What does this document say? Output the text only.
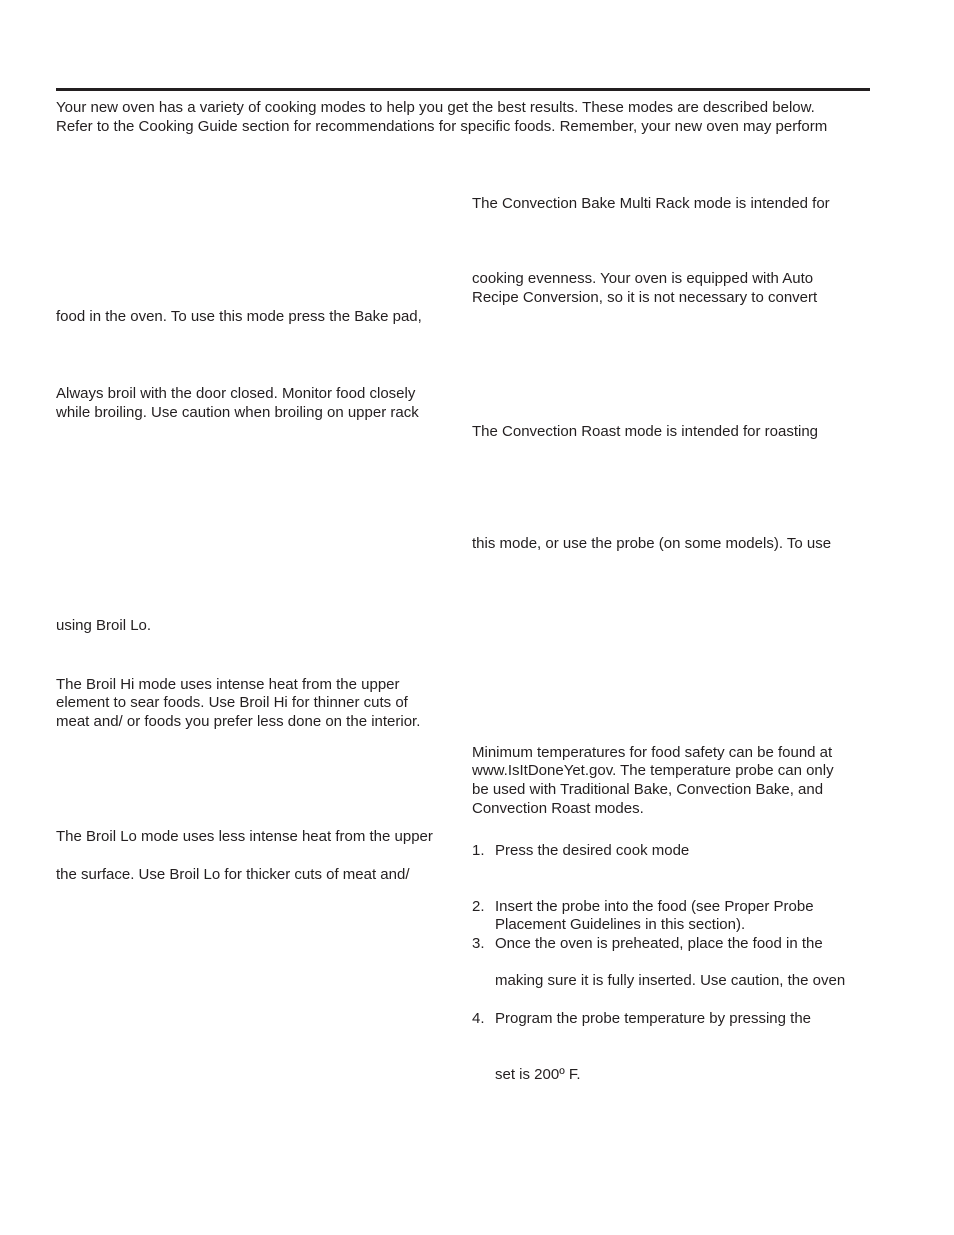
Your new oven has a variety of cooking modes to help you get the best results. These modes are described below.
Refer to the Cooking Guide section for recommendations for specific foods. Remember, your new oven may perform
food in the oven. To use this mode press the Bake pad,
Always broil with the door closed. Monitor food closely
while broiling. Use caution when broiling on upper rack
using Broil Lo.
The Broil Hi mode uses intense heat from the upper
element to sear foods. Use Broil Hi for thinner cuts of
meat and/ or foods you prefer less done on the interior.
The Broil Lo mode uses less intense heat from the upper
the surface. Use Broil Lo for thicker cuts of meat and/
The Convection Bake Multi Rack mode is intended for
cooking evenness. Your oven is equipped with Auto
Recipe Conversion, so it is not necessary to convert
The Convection Roast mode is intended for roasting
this mode, or use the probe (on some models). To use
Minimum temperatures for food safety can be found at
www.IsItDoneYet.gov. The temperature probe can only
be used with Traditional Bake, Convection Bake, and
Convection Roast modes.
1. Press the desired cook mode
2. Insert the probe into the food (see Proper Probe
Placement Guidelines in this section).
3. Once the oven is preheated, place the food in the
making sure it is fully inserted. Use caution, the oven
4. Program the probe temperature by pressing the
set is 200º F.
